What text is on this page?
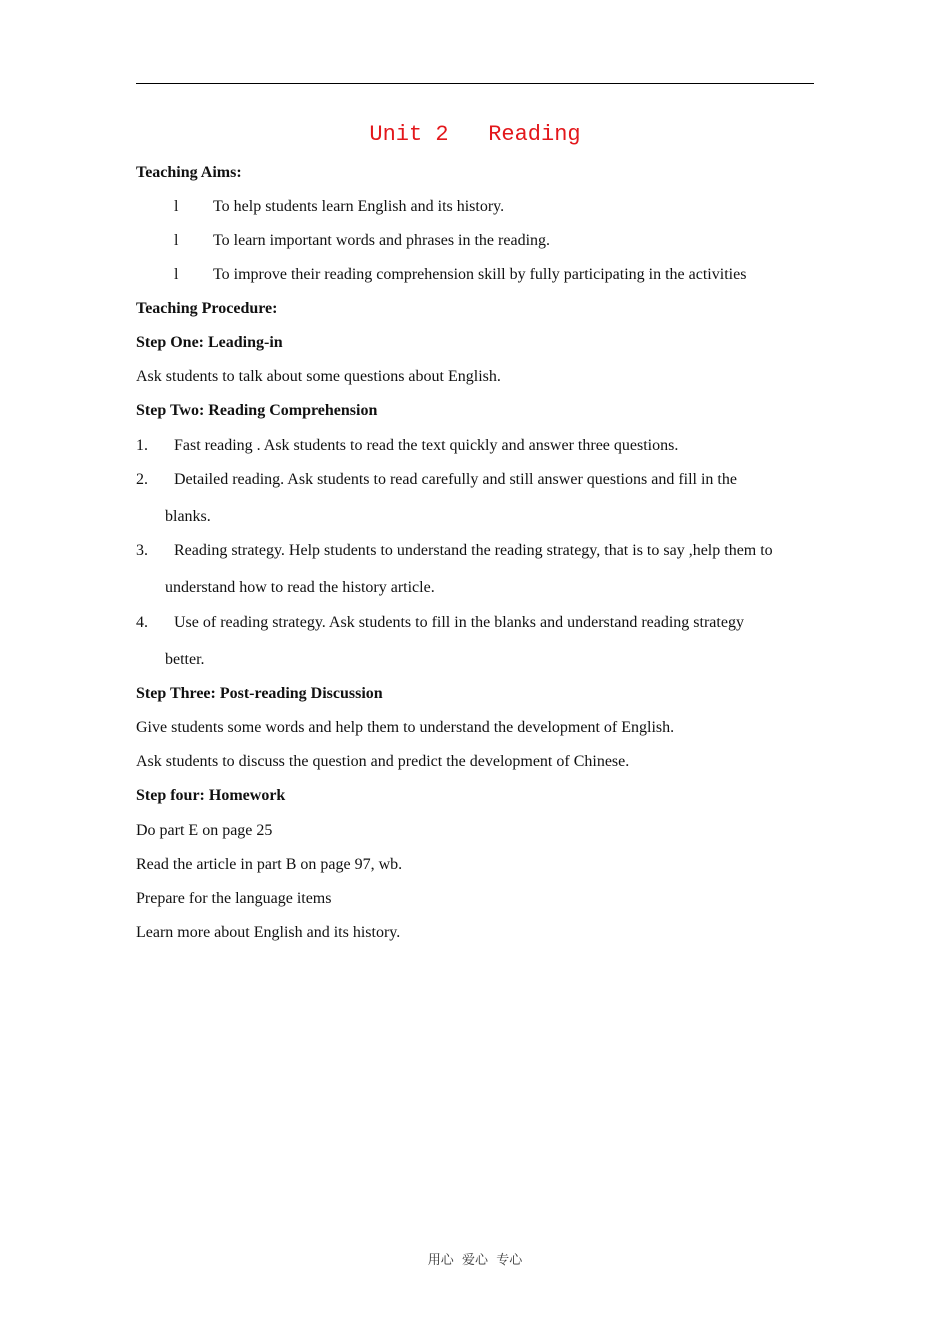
Unit 2   Reading
Teaching Aims:
l To help students learn English and its history.
l To learn important words and phrases in the reading.
l To improve their reading comprehension skill by fully participating in the activities
Teaching Procedure:
Step One: Leading-in
Ask students to talk about some questions about English.
Step Two: Reading Comprehension
1. Fast reading . Ask students to read the text quickly and answer three questions.
2. Detailed reading. Ask students to read carefully and still answer questions and fill in the
blanks.
3. Reading strategy. Help students to understand the reading strategy, that is to say ,help them to
understand how to read the history article.
4. Use of reading strategy. Ask students to fill in the blanks and understand reading strategy
better.
Step Three: Post-reading Discussion
Give students some words and help them to understand the development of English.
Ask students to discuss the question and predict the development of Chinese.
Step four: Homework
Do part E on page 25
Read the article in part B on page 97, wb.
Prepare for the language items
Learn more about English and its history.
用心  爱心  专心
